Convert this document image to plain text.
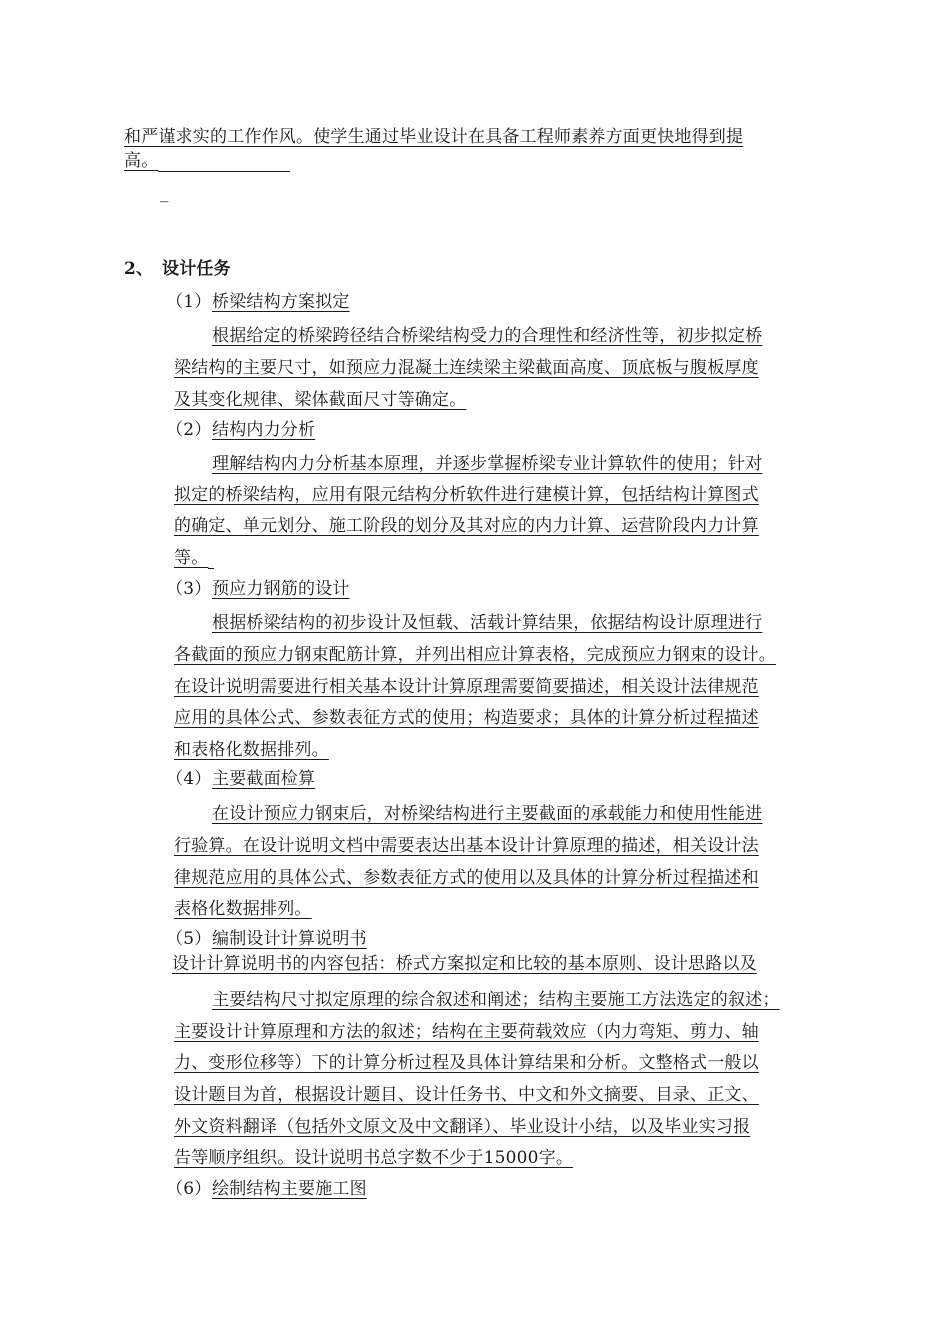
和严谨求实的工作作风。使学生通过毕业设计在具备工程师素养方面更快地得到提
高。
_
2、 设计任务
（1） 桥梁结构方案拟定
根据给定的桥梁跨径结合桥梁结构受力的合理性和经济性等，初步拟定桥
梁结构的主要尺寸，如预应力混凝土连续梁主梁截面高度、顶底板与腹板厚度
及其变化规律、梁体截面尺寸等确定。
（2） 结构内力分析
理解结构内力分析基本原理，并逐步掌握桥梁专业计算软件的使用；针对
拟定的桥梁结构，应用有限元结构分析软件进行建模计算，包括结构计算图式
的确定、单元划分、施工阶段的划分及其对应的内力计算、运营阶段内力计算
等。
（3） 预应力钢筋的设计
根据桥梁结构的初步设计及恒载、活载计算结果，依据结构设计原理进行
各截面的预应力钢束配筋计算，并列出相应计算表格，完成预应力钢束的设计。
在设计说明需要进行相关基本设计计算原理需要简要描述，相关设计法律规范
应用的具体公式、参数表征方式的使用；构造要求；具体的计算分析过程描述
和表格化数据排列。
（4） 主要截面检算
在设计预应力钢束后，对桥梁结构进行主要截面的承载能力和使用性能进
行验算。在设计说明文档中需要表达出基本设计计算原理的描述，相关设计法
律规范应用的具体公式、参数表征方式的使用以及具体的计算分析过程描述和
表格化数据排列。
（5） 编制设计计算说明书
设计计算说明书的内容包括：桥式方案拟定和比较的基本原则、设计思路以及
主要结构尺寸拟定原理的综合叙述和阐述；结构主要施工方法选定的叙述；
主要设计计算原理和方法的叙述；结构在主要荷载效应（内力弯矩、剪力、轴
力、变形位移等）下的计算分析过程及具体计算结果和分析。文整格式一般以
设计题目为首，根据设计题目、设计任务书、中文和外文摘要、目录、正文、
外文资料翻译（包括外文原文及中文翻译）、毕业设计小结，以及毕业实习报
告等顺序组织。设计说明书总字数不少于15000字。
（6） 绘制结构主要施工图
